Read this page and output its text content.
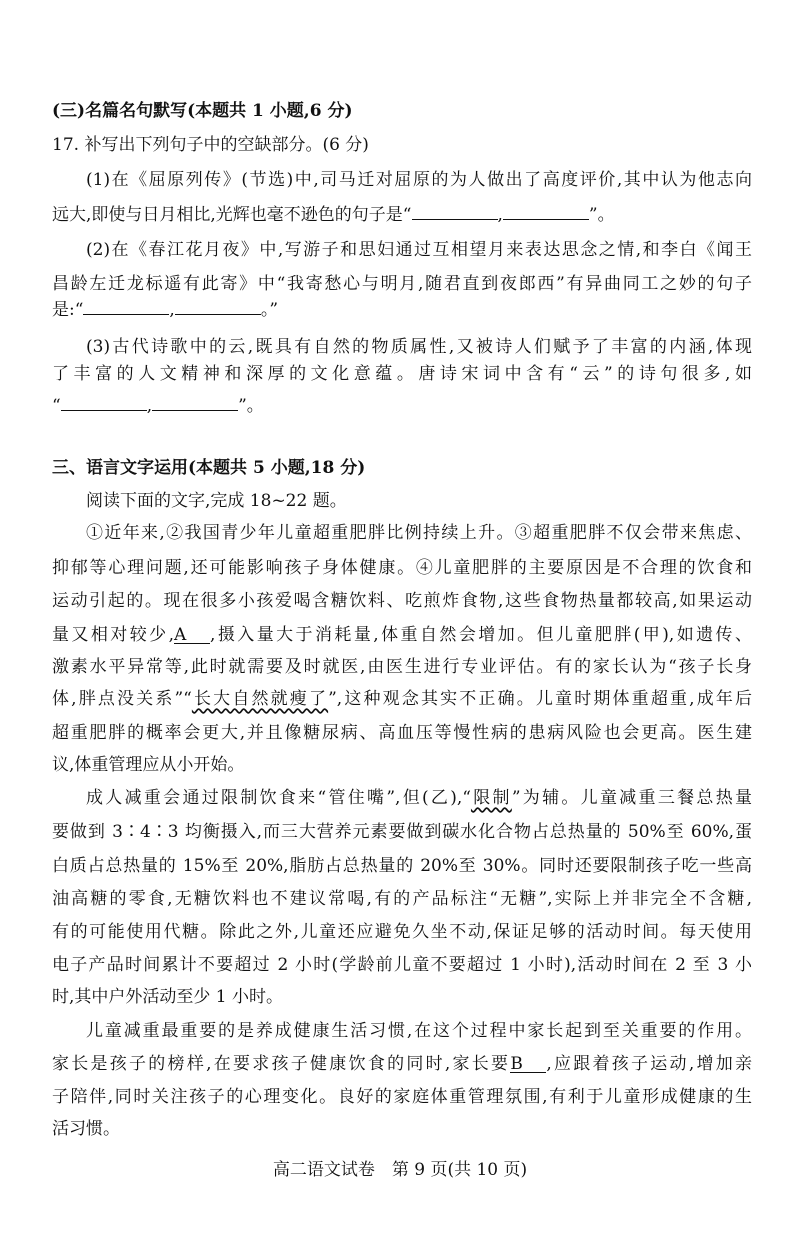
(三)名篇名句默写(本题共 1 小题,6 分)
17. 补写出下列句子中的空缺部分。(6 分)
(1)在《屈原列传》(节选)中,司马迁对屈原的为人做出了高度评价,其中认为他志向
远大,即使与日月相比,光辉也毫不逊色的句子是“	,	”。
(2)在《春江花月夜》中,写游子和思妇通过互相望月来表达思念之情,和李白《闻王
昌龄左迁龙标遥有此寄》中“我寄愁心与明月,随君直到夜郎西”有异曲同工之妙的句子
是:“	,	。”
(3)古代诗歌中的云,既具有自然的物质属性,又被诗人们赋予了丰富的内涵,体现
了丰富的人文精神和深厚的文化意蕴。唐诗宋词中含有“云”的诗句很多,如
“	,	”。
三、语言文字运用(本题共 5 小题,18 分)
阅读下面的文字,完成 18~22 题。
①近年来,②我国青少年儿童超重肥胖比例持续上升。③超重肥胖不仅会带来焦虑、
抑郁等心理问题,还可能影响孩子身体健康。④儿童肥胖的主要原因是不合理的饮食和
运动引起的。现在很多小孩爱喝含糖饮料、吃煎炸食物,这些食物热量都较高,如果运动
量又相对较少,A ,摄入量大于消耗量,体重自然会增加。但儿童肥胖(甲),如遗传、
激素水平异常等,此时就需要及时就医,由医生进行专业评估。有的家长认为“孩子长身
体,胖点没关系”“长大自然就瘦了”,这种观念其实不正确。儿童时期体重超重,成年后
超重肥胖的概率会更大,并且像糖尿病、高血压等慢性病的患病风险也会更高。医生建
议,体重管理应从小开始。
成人减重会通过限制饮食来“管住嘴”,但(乙),“限制”为辅。儿童减重三餐总热量
要做到 3∶4∶3 均衡摄入,而三大营养元素要做到碳水化合物占总热量的 50%至 60%,蛋
白质占总热量的 15%至 20%,脂肪占总热量的 20%至 30%。同时还要限制孩子吃一些高
油高糖的零食,无糖饮料也不建议常喝,有的产品标注“无糖”,实际上并非完全不含糖,
有的可能使用代糖。除此之外,儿童还应避免久坐不动,保证足够的活动时间。每天使用
电子产品时间累计不要超过 2 小时(学龄前儿童不要超过 1 小时),活动时间在 2 至 3 小
时,其中户外活动至少 1 小时。
儿童减重最重要的是养成健康生活习惯,在这个过程中家长起到至关重要的作用。
家长是孩子的榜样,在要求孩子健康饮食的同时,家长要B ,应跟着孩子运动,增加亲
子陪伴,同时关注孩子的心理变化。良好的家庭体重管理氛围,有利于儿童形成健康的生
活习惯。
高二语文试卷　第 9 页(共 10 页)
